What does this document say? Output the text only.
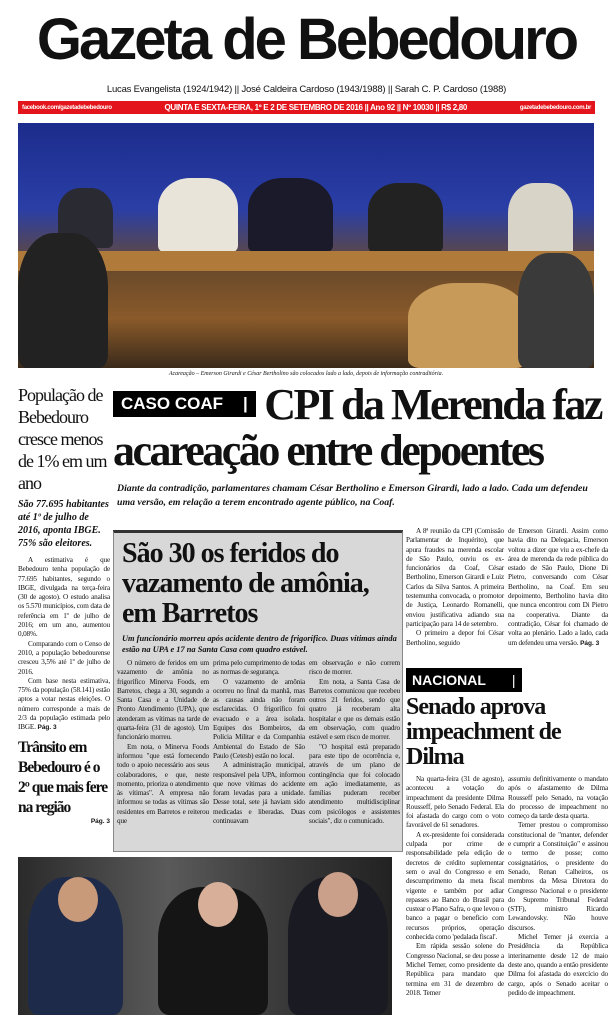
Gazeta de Bebedouro
Lucas Evangelista (1924/1942) || José Caldeira Cardoso (1943/1988) || Sarah C. P. Cardoso (1988)
facebook.com/gazetadebebedouro	QUINTA E SEXTA-FEIRA, 1º E 2 DE SETEMBRO DE 2016 || Ano 92 || Nº 10030 || R$ 2,80	gazetadebebedouro.com.br
Acareação – Emerson Girardi e César Bertholino são colocados lado a lado, depois de informação contraditória.
População de Bebedouro cresce menos de 1% em um ano
São 77.695 habitantes até 1º de julho de 2016, aponta IBGE. 75% são eleitores.

A estimativa é que Bebedouro tenha população de 77.695 habitantes, segundo o IBGE, divulgada na terça-feira (30 de agosto). O estudo analisa os 5.570 municípios, com data de referência em 1º de julho de 2016; em um ano, aumentou 0,08%.

Comparando com o Censo de 2010, a população bebedourense cresceu 3,5% até 1º de julho de 2016.

Com base nesta estimativa, 75% da população (58.141) estão aptos a votar nestas eleições. O número corresponde a mais de 2/3 da população estimada pelo IBGE. Pág. 3

Trânsito em Bebedouro é o 2º que mais fere na região
Pág. 3
CASO COAF | CPI da Merenda faz acareação entre depoentes
Diante da contradição, parlamentares chamam César Bertholino e Emerson Girardi, lado a lado. Cada um defendeu uma versão, em relação a terem encontrado agente público, na Coaf.
São 30 os feridos do vazamento de amônia, em Barretos
Um funcionário morreu após acidente dentro de frigorífico. Duas vítimas ainda estão na UPA e 17 na Santa Casa com quadro estável.

O número de feridos em um vazamento de amônia no frigorífico Minerva Foods, em Barretos, chega a 30, segundo a Santa Casa e a Unidade de Pronto Atendimento (UPA), que atenderam as vítimas na tarde de quarta-feira (31 de agosto). Um funcionário morreu.

Em nota, o Minerva Foods informou "que está fornecendo todo o apoio necessário aos seus colaboradores, e que, neste momento, prioriza o atendimento às vítimas". A empresa não informou se todas as vítimas são residentes em Barretos e reiterou que

prima pelo cumprimento de todas as normas de segurança.

O vazamento de amônia ocorreu no final da manhã, mas as causas ainda não foram esclarecidas. O frigorífico foi evacuado e a área isolada. Equipes dos Bombeiros, da Polícia Militar e da Companhia Ambiental do Estado de São Paulo (Cetesb) estão no local.

A administração municipal, responsável pela UPA, informou que nove vítimas do acidente foram levadas para a unidade. Desse total, sete já haviam sido medicadas e liberadas. Duas continuavam

em observação e não correm risco de morrer.

Em nota, a Santa Casa de Barretos comunicou que recebeu outros 21 feridos, sendo que quatro já receberam alta hospitalar e que os demais estão em observação, com quadro estável e sem risco de morrer.

"O hospital está preparado para este tipo de ocorrência e, através de um plano de contingência que foi colocado em ação imediatamente, as famílias puderam receber atendimento multidisciplinar com psicólogos e assistentes sociais", diz o comunicado.

A 8ª reunião da CPI (Comissão Parlamentar de Inquérito), que apura fraudes na merenda escolar de São Paulo, ouviu os ex-funcionários da Coaf, César Bertholino, Emerson Girardi e Luiz Carlos da Silva Santos. A primeira testemunha convocada, o promotor de Justiça, Leonardo Romanelli, enviou justificativa adiando sua participação para 14 de setembro.

O primeiro a depor foi César Bertholino, seguido

de Emerson Girardi. Assim como havia dito na Delegacia, Emerson voltou a dizer que viu a ex-chefe da área de merenda da rede pública do estado de São Paulo, Dione Di Pietro, conversando com César Bertholino, na Coaf. Em seu depoimento, Bertholino havia dito que nunca encontrou com Di Pietro na cooperativa. Diante da contradição, César foi chamado de volta ao plenário. Lado a lado, cada um defendeu uma versão. Pág. 3

NACIONAL |
Senado aprova impeachment de Dilma

Na quarta-feira (31 de agosto), aconteceu a votação do impeachment da presidente Dilma Rousseff, pelo Senado Federal. Ela foi afastada do cargo com o voto favorável de 61 senadores.

A ex-presidente foi considerada culpada por crime de responsabilidade pela edição de decretos de crédito suplementar sem o aval do Congresso e em descumprimento da meta fiscal vigente e também por adiar repasses ao Banco do Brasil para custear o Plano Safra, o que levou o banco a pagar o benefício com recursos próprios, operação conhecida como 'pedalada fiscal'.

Em rápida sessão solene do Congresso Nacional, se deu posse a Michel Temer, como presidente da República para mandato que termina em 31 de dezembro de 2018. Temer

assumiu definitivamente o mandato após o afastamento de Dilma Rousseff pelo Senado, na votação do processo de impeachment no começo da tarde desta quarta.

Temer prestou o compromisso constitucional de "manter, defender e cumprir a Constituição" e assinou o termo de posse; como cossignatários, o presidente do Senado, Renan Calheiros, os membros da Mesa Diretora do Congresso Nacional e o presidente do Supremo Tribunal Federal (STF), ministro Ricardo Lewandovsky. Não houve discursos.

Michel Temer já exercia a Presidência da República interinamente desde 12 de maio deste ano, quando a então presidente Dilma foi afastada do exercício do cargo, após o Senado aceitar o pedido de impeachment.
